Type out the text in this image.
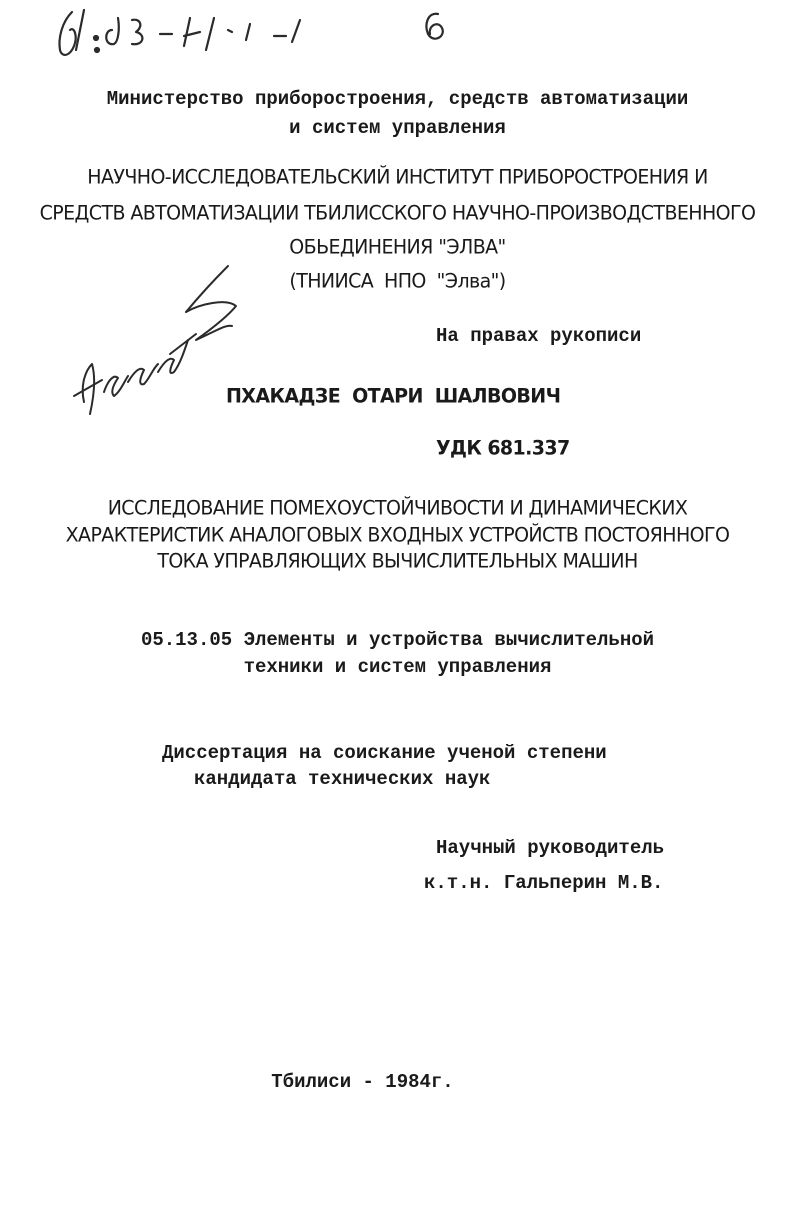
Министерство приборостроения, средств автоматизации
и систем управления
НАУЧНО-ИССЛЕДОВАТЕЛЬСКИЙ ИНСТИТУТ ПРИБОРОСТРОЕНИЯ И
СРЕДСТВ АВТОМАТИЗАЦИИ ТБИЛИССКОГО НАУЧНО-ПРОИЗВОДСТВЕННОГО
ОБЬЕДИНЕНИЯ "ЭЛВА"
(ТНИИСА  НПО  "Элва")
На правах рукописи
ПХАКАДЗЕ  ОТАРИ  ШАЛВОВИЧ
УДК 681.337
ИССЛЕДОВАНИЕ ПОМЕХОУСТОЙЧИВОСТИ И ДИНАМИЧЕСКИХ
ХАРАКТЕРИСТИК АНАЛОГОВЫХ ВХОДНЫХ УСТРОЙСТВ ПОСТОЯННОГО
ТОКА УПРАВЛЯЮЩИХ ВЫЧИСЛИТЕЛЬНЫХ МАШИН
05.13.05 Элементы и устройства вычислительной
техники и систем управления
Диссертация на соискание ученой степени
кандидата технических наук
Научный руководитель
к.т.н. Гальперин М.В.
Тбилиси - 1984г.
